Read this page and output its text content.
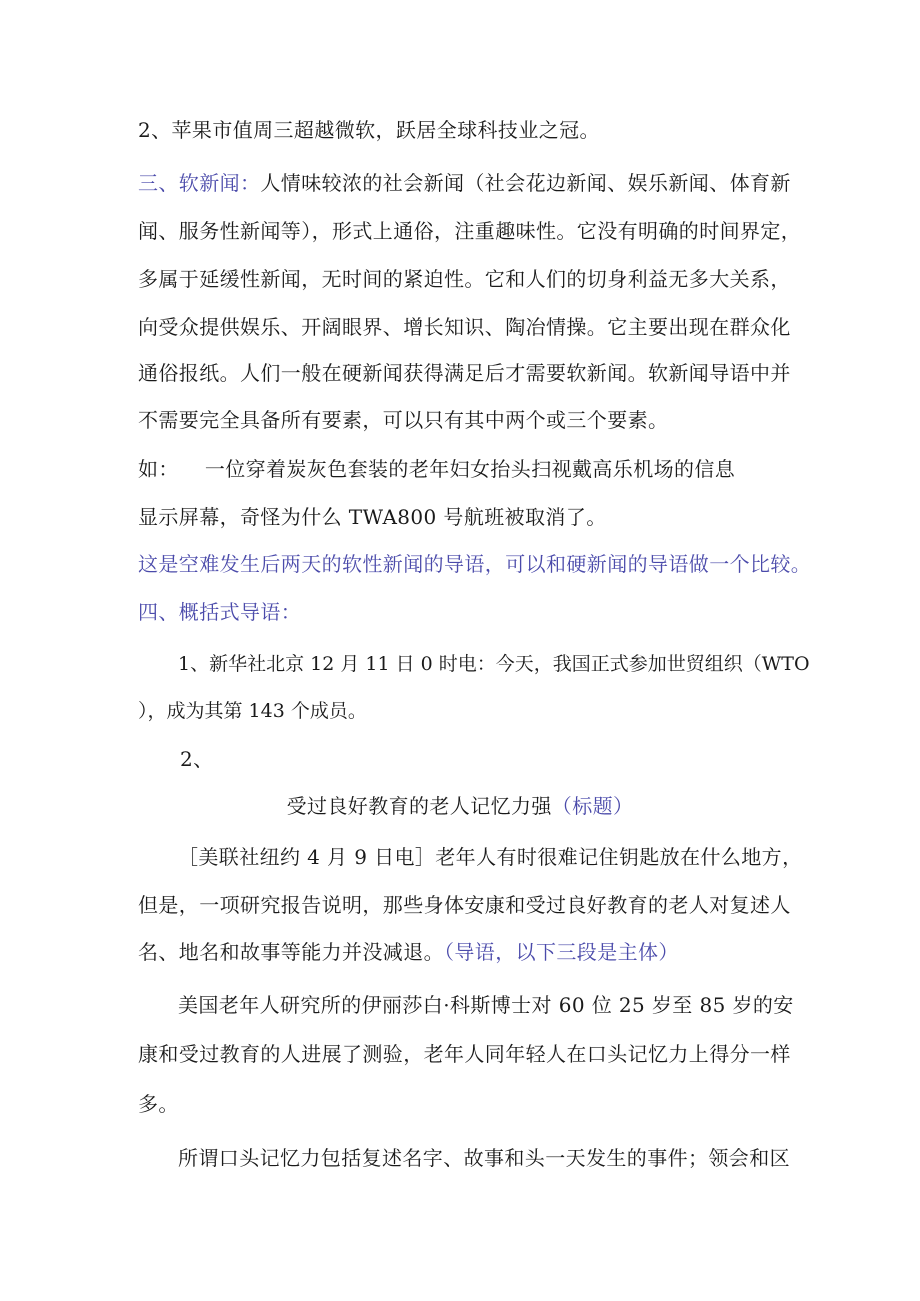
2、苹果市值周三超越微软，跃居全球科技业之冠。
三、软新闻：人情味较浓的社会新闻（社会花边新闻、娱乐新闻、体育新
闻、服务性新闻等），形式上通俗，注重趣味性。它没有明确的时间界定，
多属于延缓性新闻，无时间的紧迫性。它和人们的切身利益无多大关系，
向受众提供娱乐、开阔眼界、增长知识、陶冶情操。它主要出现在群众化
通俗报纸。人们一般在硬新闻获得满足后才需要软新闻。软新闻导语中并
不需要完全具备所有要素，可以只有其中两个或三个要素。
如： 一位穿着炭灰色套装的老年妇女抬头扫视戴高乐机场的信息
显示屏幕，奇怪为什么 TWA800 号航班被取消了。
这是空难发生后两天的软性新闻的导语，可以和硬新闻的导语做一个比较。
四、概括式导语：
1、新华社北京 12 月 11 日 0 时电：今天，我国正式参加世贸组织（WTO
），成为其第 143 个成员。
2、
受过良好教育的老人记忆力强（标题）
［美联社纽约 4 月 9 日电］老年人有时很难记住钥匙放在什么地方，
但是，一项研究报告说明，那些身体安康和受过良好教育的老人对复述人
名、地名和故事等能力并没减退。（导语，以下三段是主体）
美国老年人研究所的伊丽莎白·科斯博士对 60 位 25 岁至 85 岁的安
康和受过教育的人进展了测验，老年人同年轻人在口头记忆力上得分一样
多。
所谓口头记忆力包括复述名字、故事和头一天发生的事件；领会和区
